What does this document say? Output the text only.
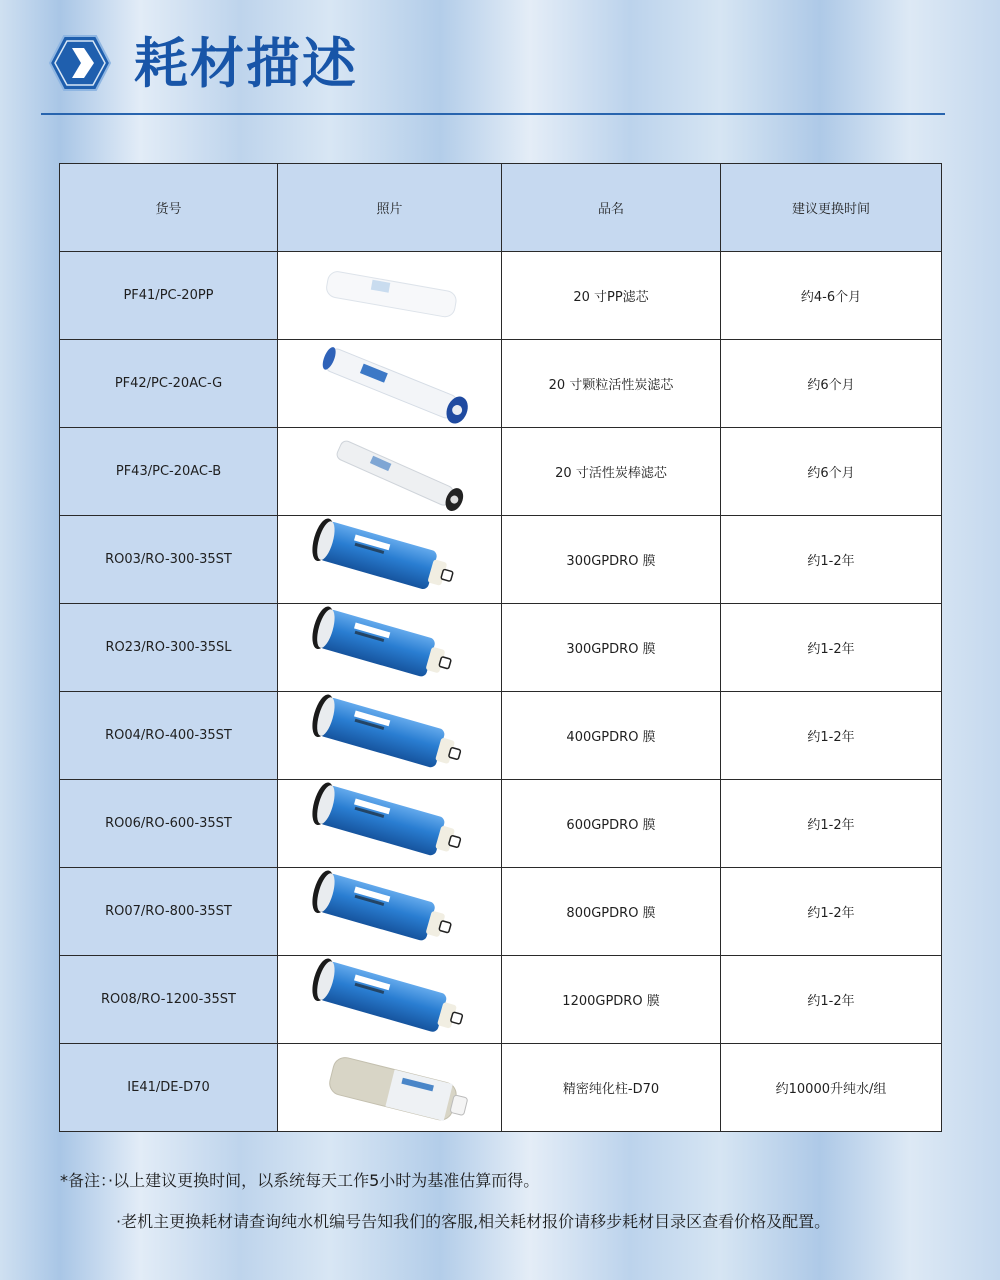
耗材描述
货号	照片	品名	建议更换时间
PF41/PC-20PP		20 寸PP滤芯	约4-6个月
PF42/PC-20AC-G		20 寸颗粒活性炭滤芯	约6个月
PF43/PC-20AC-B		20 寸活性炭棒滤芯	约6个月
RO03/RO-300-35ST		300GPDRO 膜	约1-2年
RO23/RO-300-35SL		300GPDRO 膜	约1-2年
RO04/RO-400-35ST		400GPDRO 膜	约1-2年
RO06/RO-600-35ST		600GPDRO 膜	约1-2年
RO07/RO-800-35ST		800GPDRO 膜	约1-2年
RO08/RO-1200-35ST		1200GPDRO 膜	约1-2年
IE41/DE-D70		精密纯化柱-D70	约10000升纯水/组
*备注：·以上建议更换时间，以系统每天工作5小时为基准估算而得。
·老机主更换耗材请查询纯水机编号告知我们的客服,相关耗材报价请移步耗材目录区查看价格及配置。
